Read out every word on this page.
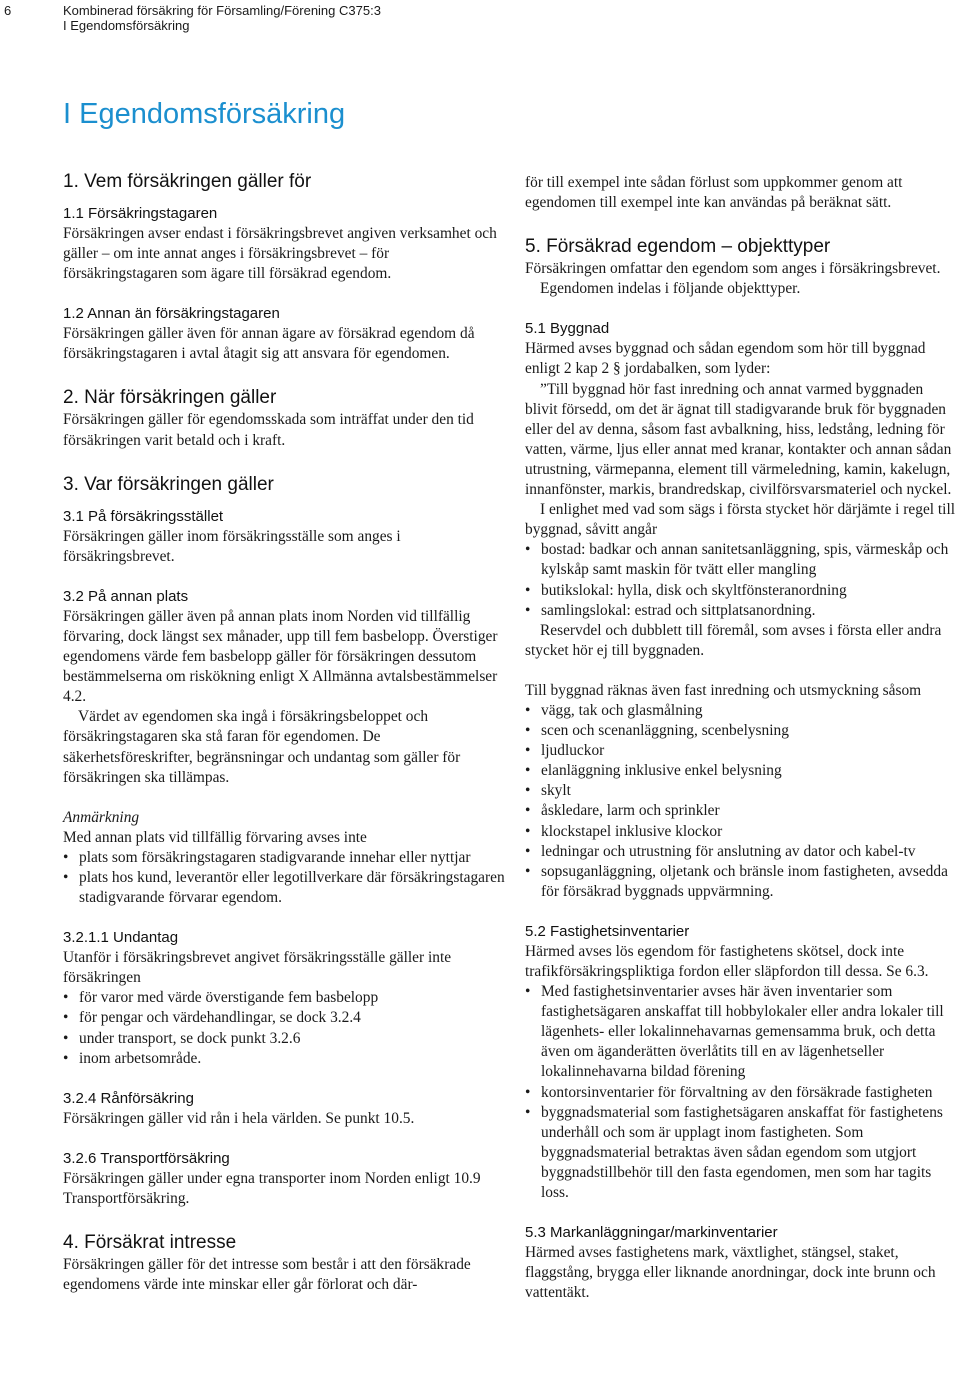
6	Kombinerad försäkring för Församling/Förening C375:3
I Egendomsförsäkring
I Egendomsförsäkring
1. Vem försäkringen gäller för
1.1 Försäkringstagaren

Försäkringen avser endast i försäkringsbrevet angiven verksamhet och gäller – om inte annat anges i försäkringsbrevet – för försäkringstagaren som ägare till försäkrad egendom.

1.2 Annan än försäkringstagaren

Försäkringen gäller även för annan ägare av försäkrad egendom då försäkringstagaren i avtal åtagit sig att ansvara för egendomen.

2. När försäkringen gäller

Försäkringen gäller för egendomsskada som inträffat under den tid försäkringen varit betald och i kraft.

3. Var försäkringen gäller
3.1 På försäkringsstället

Försäkringen gäller inom försäkringsställe som anges i försäkringsbrevet.

3.2 På annan plats

Försäkringen gäller även på annan plats inom Norden vid tillfällig förvaring, dock längst sex månader, upp till fem basbelopp. Överstiger egendomens värde fem basbelopp gäller för försäkringen dessutom bestämmelserna om riskökning enligt X Allmänna avtalsbestämmelser 4.2.

Värdet av egendomen ska ingå i försäkringsbeloppet och försäkringstagaren ska stå faran för egendomen. De säkerhetsföreskrifter, begränsningar och undantag som gäller för försäkringen ska tillämpas.

Anmärkning

Med annan plats vid tillfällig förvaring avses inte

• plats som försäkringstagaren stadigvarande innehar eller nyttjar
• plats hos kund, leverantör eller legotillverkare där försäkringstagaren stadigvarande förvarar egendom.
3.2.1.1 Undantag

Utanför i försäkringsbrevet angivet försäkringsställe gäller inte försäkringen

• för varor med värde överstigande fem basbelopp
• för pengar och värdehandlingar, se dock 3.2.4
• under transport, se dock punkt 3.2.6
• inom arbetsområde.
3.2.4 Rånförsäkring

Försäkringen gäller vid rån i hela världen. Se punkt 10.5.

3.2.6 Transportförsäkring

Försäkringen gäller under egna transporter inom Norden enligt 10.9 Transportförsäkring.

4. Försäkrat intresse

Försäkringen gäller för det intresse som består i att den försäkrade egendomens värde inte minskar eller går förlorat och där-

för till exempel inte sådan förlust som uppkommer genom att egendomen till exempel inte kan användas på beräknat sätt.

5. Försäkrad egendom – objekttyper

Försäkringen omfattar den egendom som anges i försäkringsbrevet.

Egendomen indelas i följande objekttyper.

5.1 Byggnad

Härmed avses byggnad och sådan egendom som hör till byggnad enligt 2 kap 2 § jordabalken, som lyder:

”Till byggnad hör fast inredning och annat varmed byggnaden blivit försedd, om det är ägnat till stadigvarande bruk för byggnaden eller del av denna, såsom fast avbalkning, hiss, ledstång, ledning för vatten, värme, ljus eller annat med kranar, kontakter och annan sådan utrustning, värmepanna, element till värmeledning, kamin, kakelugn, innanfönster, markis, brandredskap, civilförsvarsmateriel och nyckel.

I enlighet med vad som sägs i första stycket hör därjämte i regel till byggnad, såvitt angår

• bostad: badkar och annan sanitetsanläggning, spis, värmeskåp och kylskåp samt maskin för tvätt eller mangling
• butikslokal: hylla, disk och skyltfönsteranordning
• samlingslokal: estrad och sittplatsanordning.

Reservdel och dubblett till föremål, som avses i första eller andra stycket hör ej till byggnaden.

Till byggnad räknas även fast inredning och utsmyckning såsom

• vägg, tak och glasmålning
• scen och scenanläggning, scenbelysning
• ljudluckor
• elanläggning inklusive enkel belysning
• skylt
• åskledare, larm och sprinkler
• klockstapel inklusive klockor
• ledningar och utrustning för anslutning av dator och kabel-tv
• sopsuganläggning, oljetank och bränsle inom fastigheten, avsedda för försäkrad byggnads uppvärmning.
5.2 Fastighetsinventarier

Härmed avses lös egendom för fastighetens skötsel, dock inte trafikförsäkringspliktiga fordon eller släpfordon till dessa. Se 6.3.

• Med fastighetsinventarier avses här även inventarier som fastighetsägaren anskaffat till hobbylokaler eller andra lokaler till lägenhets- eller lokalinnehavarnas gemensamma bruk, och detta även om äganderätten överlåtits till en av lägenhetseller lokalinnehavarna bildad förening
• kontorsinventarier för förvaltning av den försäkrade fastigheten
• byggnadsmaterial som fastighetsägaren anskaffat för fastighetens underhåll och som är upplagt inom fastigheten. Som byggnadsmaterial betraktas även sådan egendom som utgjort byggnadstillbehör till den fasta egendomen, men som har tagits loss.
5.3 Markanläggningar/markinventarier

Härmed avses fastighetens mark, växtlighet, stängsel, staket, flaggstång, brygga eller liknande anordningar, dock inte brunn och vattentäkt.
